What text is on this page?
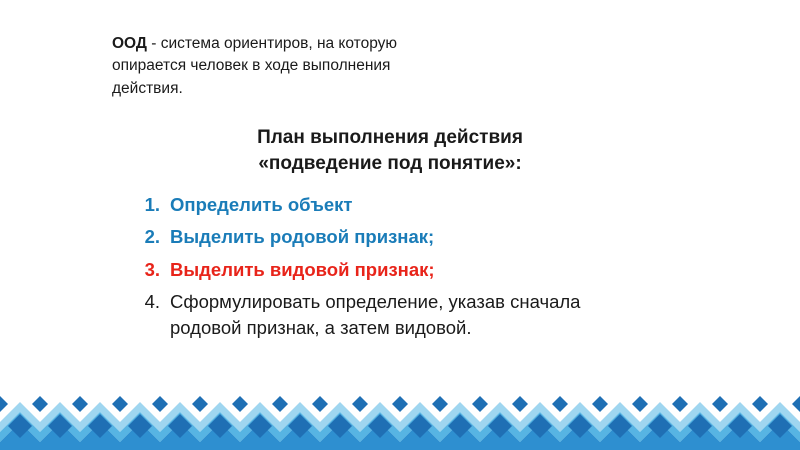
ООД - система ориентиров, на которую опирается человек в ходе выполнения действия.
План выполнения действия
«подведение под понятие»:
1. Определить объект
2. Выделить родовой признак;
3. Выделить видовой признак;
4. Сформулировать определение, указав сначала родовой признак, а затем видовой.
